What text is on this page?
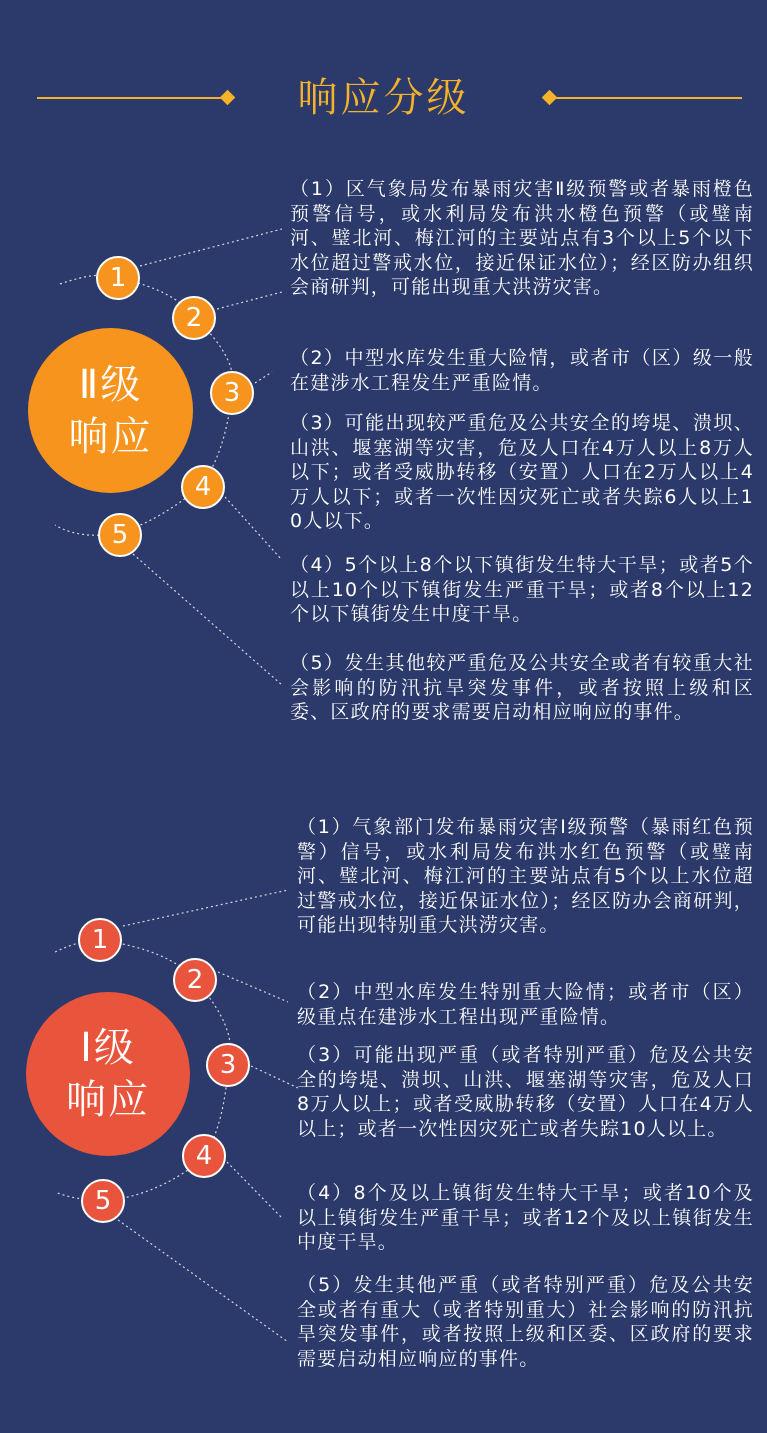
响应分级
Ⅱ级
响应
1
2
3
4
5

（1）区气象局发布暴雨灾害Ⅱ级预警或者暴雨橙色预警信号，或水利局发布洪水橙色预警（或璧南河、璧北河、梅江河的主要站点有3个以上5个以下水位超过警戒水位，接近保证水位）；经区防办组织会商研判，可能出现重大洪涝灾害。

（2）中型水库发生重大险情，或者市（区）级一般在建涉水工程发生严重险情。

（3）可能出现较严重危及公共安全的垮堤、溃坝、山洪、堰塞湖等灾害，危及人口在4万人以上8万人以下；或者受威胁转移（安置）人口在2万人以上4万人以下；或者一次性因灾死亡或者失踪6人以上10人以下。

（4）5个以上8个以下镇街发生特大干旱；或者5个以上10个以下镇街发生严重干旱；或者8个以上12个以下镇街发生中度干旱。

（5）发生其他较严重危及公共安全或者有较重大社会影响的防汛抗旱突发事件，或者按照上级和区委、区政府的要求需要启动相应响应的事件。

Ⅰ级
响应
1
2
3
4
5

（1）气象部门发布暴雨灾害Ⅰ级预警（暴雨红色预警）信号，或水利局发布洪水红色预警（或璧南河、璧北河、梅江河的主要站点有5个以上水位超过警戒水位，接近保证水位）；经区防办会商研判，可能出现特别重大洪涝灾害。

（2）中型水库发生特别重大险情；或者市（区）级重点在建涉水工程出现严重险情。

（3）可能出现严重（或者特别严重）危及公共安全的垮堤、溃坝、山洪、堰塞湖等灾害，危及人口8万人以上；或者受威胁转移（安置）人口在4万人以上；或者一次性因灾死亡或者失踪10人以上。

（4）8个及以上镇街发生特大干旱；或者10个及以上镇街发生严重干旱；或者12个及以上镇街发生中度干旱。

（5）发生其他严重（或者特别严重）危及公共安全或者有重大（或者特别重大）社会影响的防汛抗旱突发事件，或者按照上级和区委、区政府的要求需要启动相应响应的事件。
